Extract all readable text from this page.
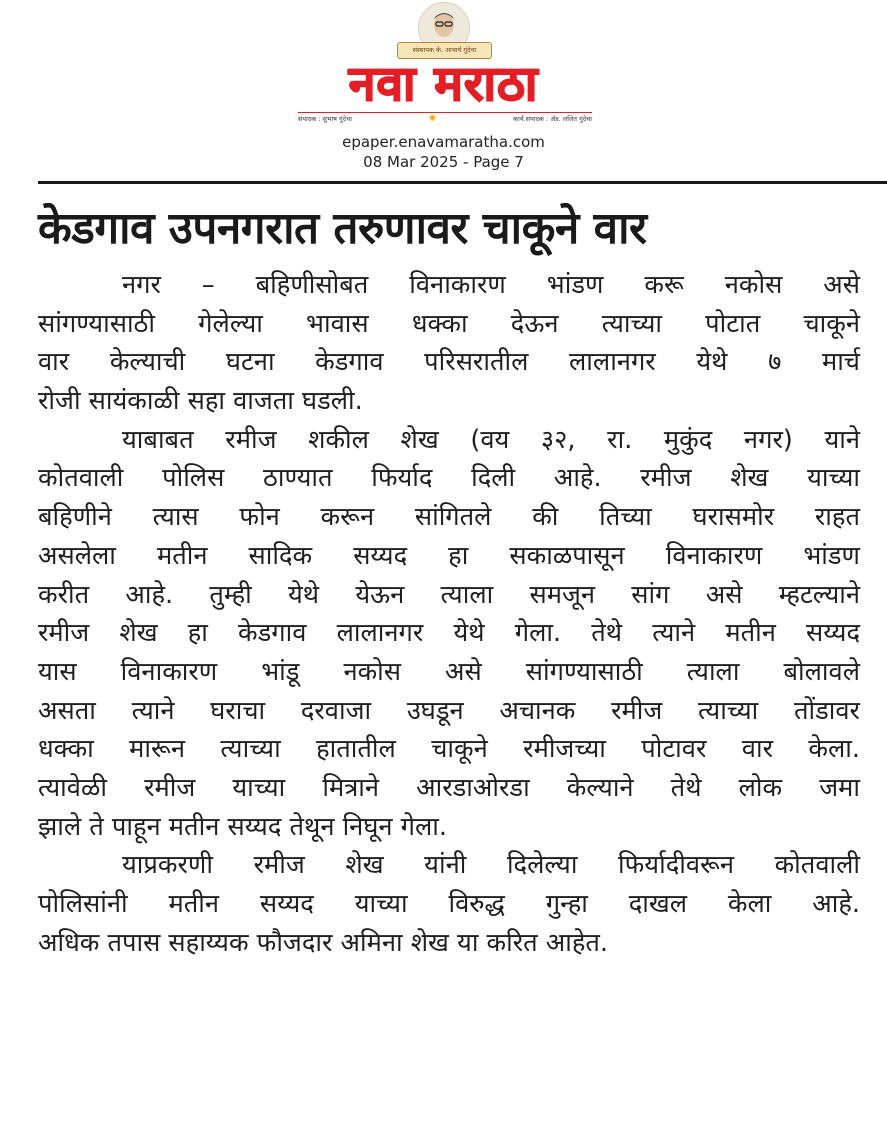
संस्थापक के. आचार्य गुंदेचा
नवा मराठा
संपादक : सुभाष गुंदेचा	✺	कार्य.संपादक : ॲड. ललित गुंदेचा
epaper.enavamaratha.com
08 Mar 2025 - Page 7
केडगाव उपनगरात तरुणावर चाकूने वार
नगर – बहिणीसोबत विनाकारण भांडण करू नकोस असे
सांगण्यासाठी गेलेल्या भावास धक्का देऊन त्याच्या पोटात चाकूने
वार केल्याची घटना केडगाव परिसरातील लालानगर येथे ७ मार्च
रोजी सायंकाळी सहा वाजता घडली.
याबाबत रमीज शकील शेख (वय ३२, रा. मुकुंद नगर) याने
कोतवाली पोलिस ठाण्यात फिर्याद दिली आहे. रमीज शेख याच्या
बहिणीने त्यास फोन करून सांगितले की तिच्या घरासमोर राहत
असलेला मतीन सादिक सय्यद हा सकाळपासून विनाकारण भांडण
करीत आहे. तुम्ही येथे येऊन त्याला समजून सांग असे म्हटल्याने
रमीज शेख हा केडगाव लालानगर येथे गेला. तेथे त्याने मतीन सय्यद
यास विनाकारण भांडू नकोस असे सांगण्यासाठी त्याला बोलावले
असता त्याने घराचा दरवाजा उघडून अचानक रमीज त्याच्या तोंडावर
धक्का मारून त्याच्या हातातील चाकूने रमीजच्या पोटावर वार केला.
त्यावेळी रमीज याच्या मित्राने आरडाओरडा केल्याने तेथे लोक जमा
झाले ते पाहून मतीन सय्यद तेथून निघून गेला.
याप्रकरणी रमीज शेख यांनी दिलेल्या फिर्यादीवरून कोतवाली
पोलिसांनी मतीन सय्यद याच्या विरुद्ध गुन्हा दाखल केला आहे.
अधिक तपास सहाय्यक फौजदार अमिना शेख या करित आहेत.
